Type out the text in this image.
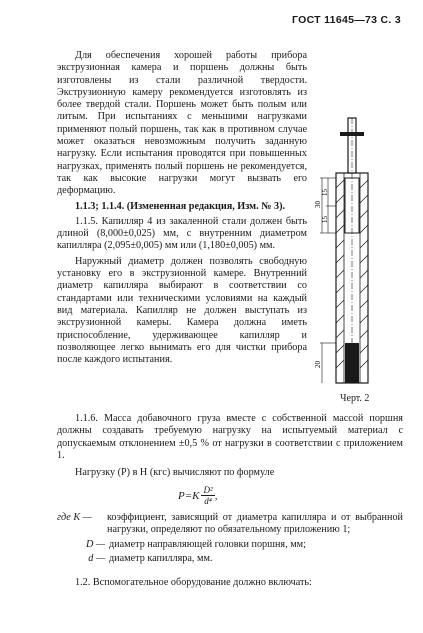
ГОСТ 11645—73 С. 3

Для обеспечения хорошей работы прибора экструзионная камера и поршень должны быть изготовлены из стали различной твердости. Экструзионную камеру рекомендуется изготовлять из более твердой стали. Поршень может быть полым или литым. При испытаниях с меньшими нагрузками применяют полый поршень, так как в противном случае может оказаться невозможным получить заданную нагрузку. Если испытания проводятся при повышенных нагрузках, применять полый поршень не рекомендуется, так как высокие нагрузки могут вызвать его деформацию.

1.1.3; 1.1.4. (Измененная редакция, Изм. № 3).

1.1.5. Капилляр 4 из закаленной стали должен быть длиной (8,000±0,025) мм, с внутренним диаметром капилляра (2,095±0,005) мм или (1,180±0,005) мм.

Наружный диаметр должен позволять свободную установку его в экструзионной камере. Внутренний диаметр капилляра выбирают в соответствии со стандартами или техническими условиями на каждый вид материала. Капилляр не должен выступать из экструзионной камеры. Камера должна иметь приспособление, удерживающее капилляр и позволяющее легко вынимать его для чистки прибора после каждого испытания.

30
15
15
20
Черт. 2

1.1.6. Масса добавочного груза вместе с собственной массой поршня должны создавать требуемую нагрузку на испытуемый материал с допускаемым отклонением ±0,5 % от нагрузки в соответствии с приложением 1.

Нагрузку (P) в Н (кгс) вычисляют по формуле
$P=K \frac{\text{D²}}{\text{d⁴}}$ ,
где K —	коэффициент, зависящий от диаметра капилляра и от выбранной нагрузки, определяют по обязательному приложению 1;
D — диаметр направляющей головки поршня, мм;
d — диаметр капилляра, мм.
1.2. Вспомогательное оборудование должно включать:
